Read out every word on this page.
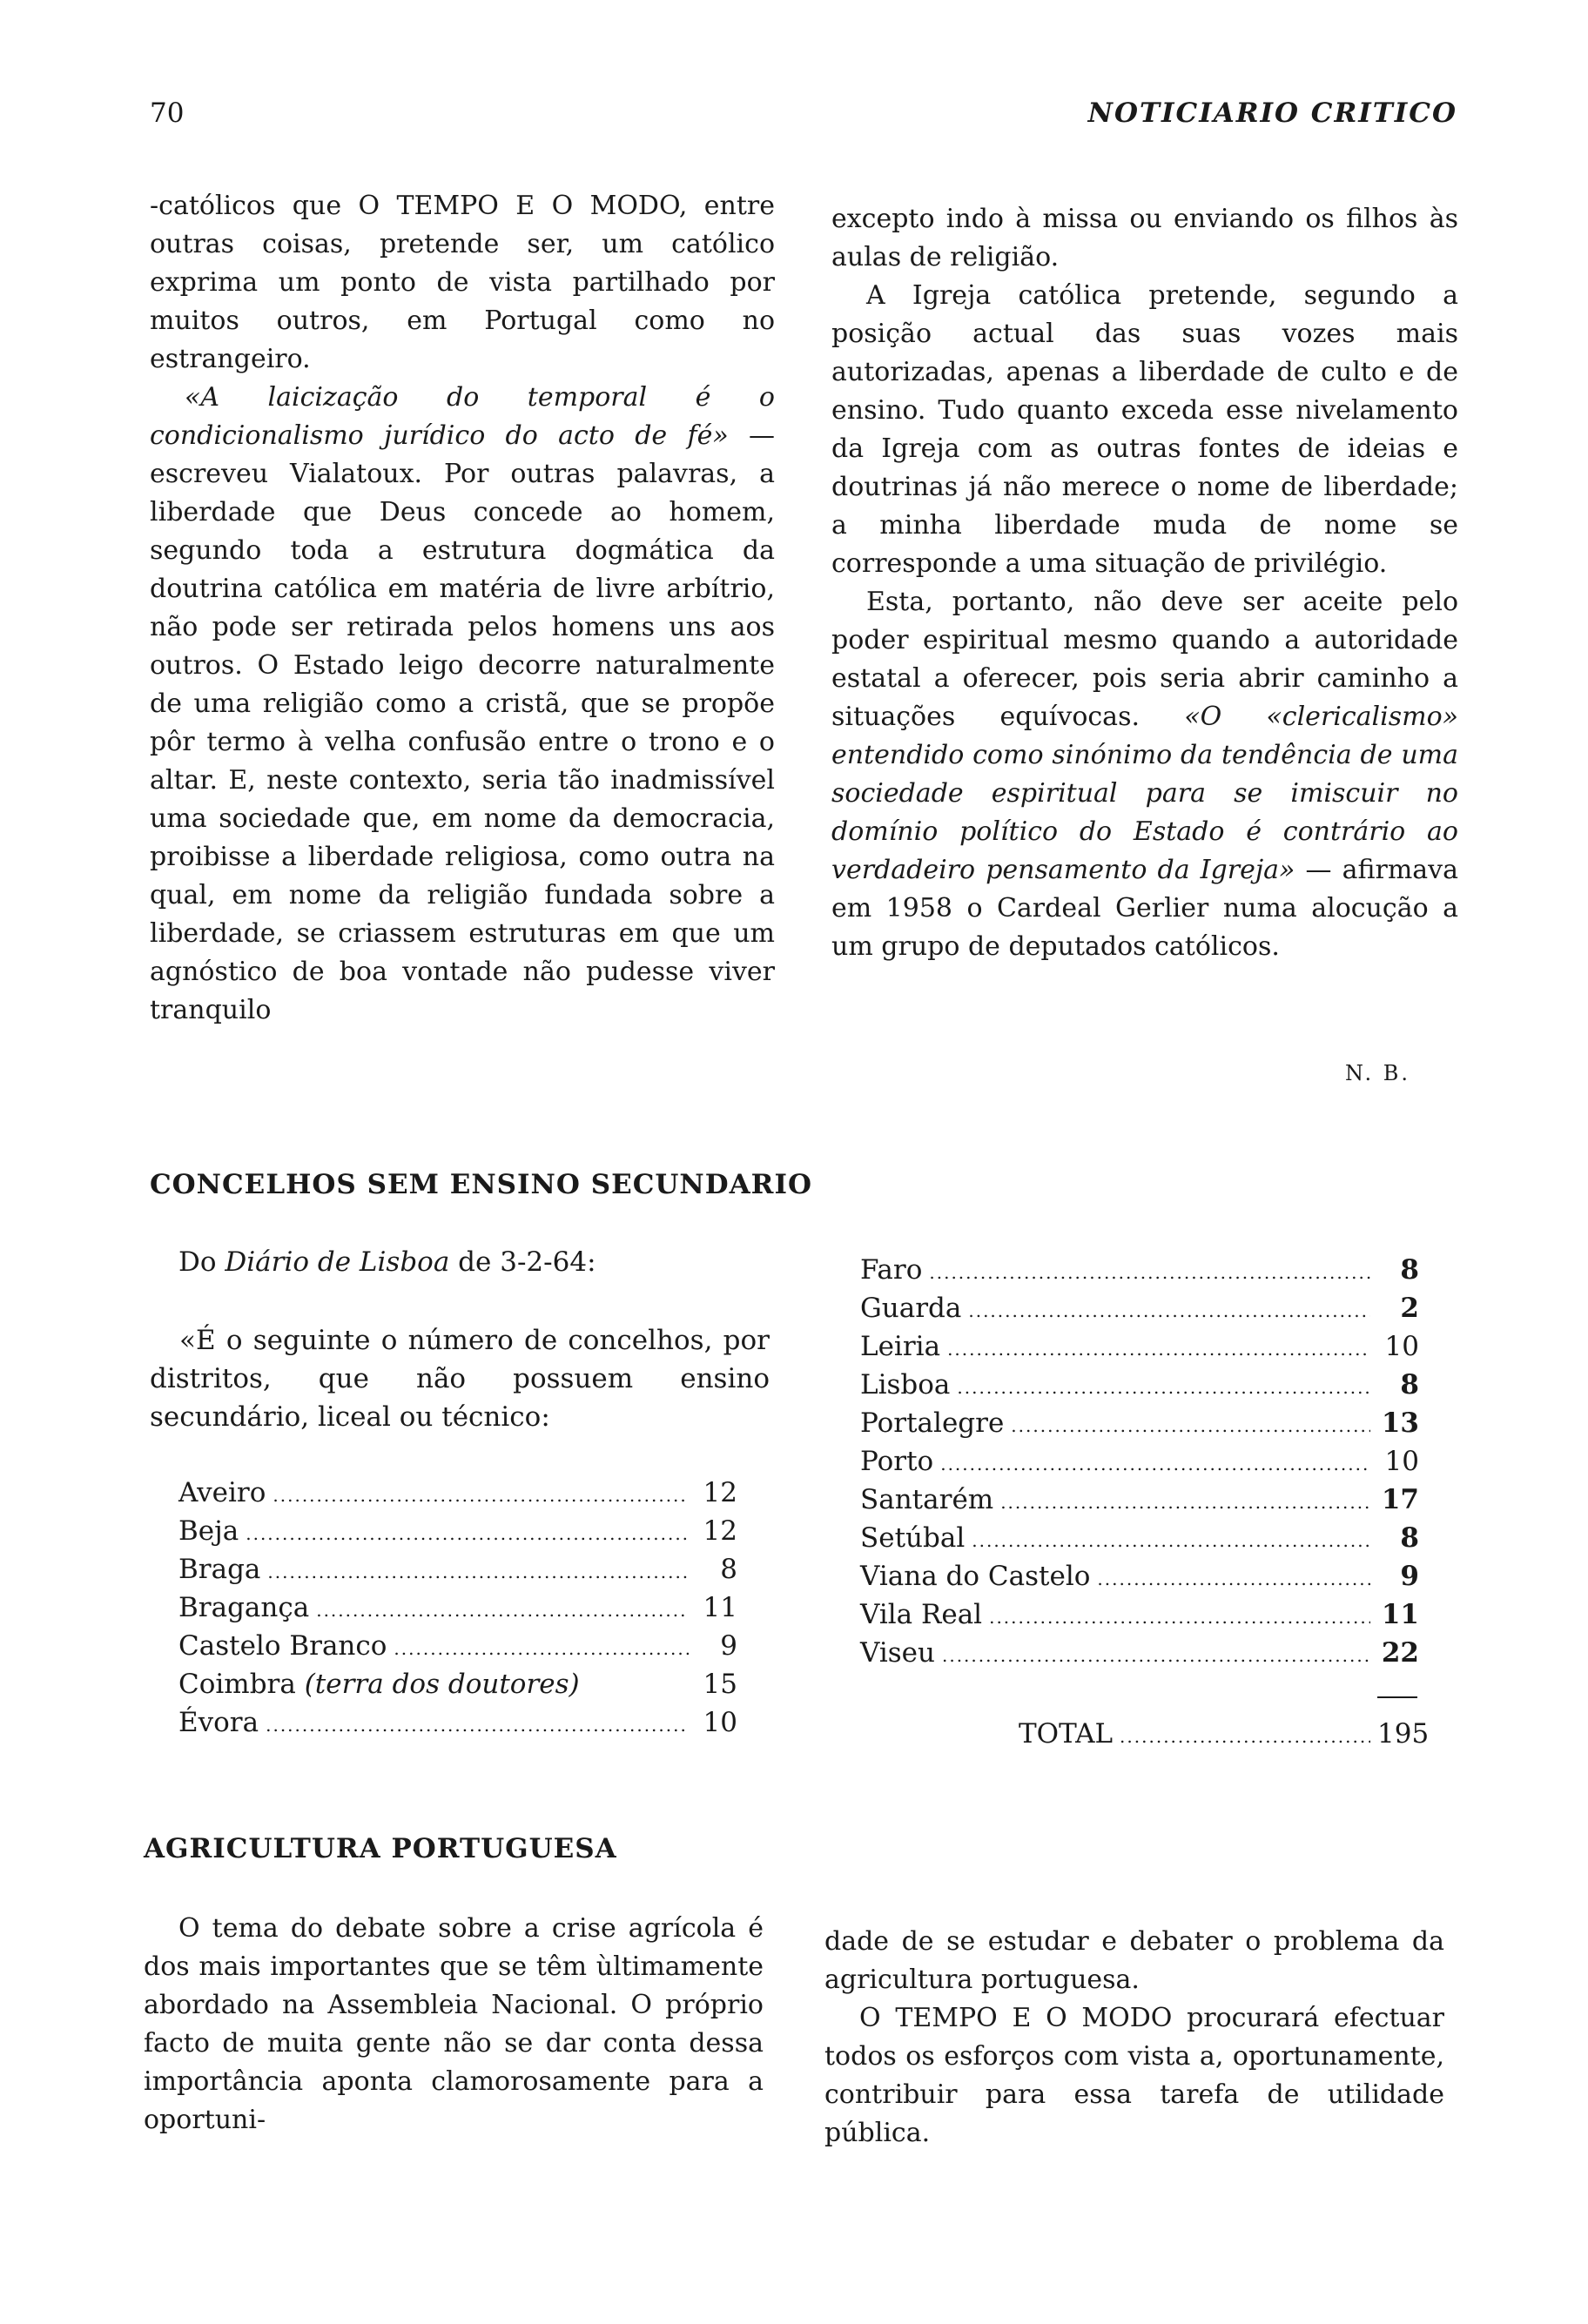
70	NOTICIARIO CRITICO

-católicos que O TEMPO E O MODO, entre outras coisas, pretende ser, um católico exprima um ponto de vista partilhado por muitos outros, em Portugal como no estrangeiro.

«A laicização do temporal é o condicionalismo jurídico do acto de fé» — escreveu Vialatoux. Por outras palavras, a liberdade que Deus concede ao homem, segundo toda a estrutura dogmática da doutrina católica em matéria de livre arbítrio, não pode ser retirada pelos homens uns aos outros. O Estado leigo decorre naturalmente de uma religião como a cristã, que se propõe pôr termo à velha confusão entre o trono e o altar. E, neste contexto, seria tão inadmissível uma sociedade que, em nome da democracia, proibisse a liberdade religiosa, como outra na qual, em nome da religião fundada sobre a liberdade, se criassem estruturas em que um agnóstico de boa vontade não pudesse viver tranquilo

excepto indo à missa ou enviando os filhos às aulas de religião.

A Igreja católica pretende, segundo a posição actual das suas vozes mais autorizadas, apenas a liberdade de culto e de ensino. Tudo quanto exceda esse nivelamento da Igreja com as outras fontes de ideias e doutrinas já não merece o nome de liberdade; a minha liberdade muda de nome se corresponde a uma situação de privilégio.

Esta, portanto, não deve ser aceite pelo poder espiritual mesmo quando a autoridade estatal a oferecer, pois seria abrir caminho a situações equívocas. «O «clericalismo» entendido como sinónimo da tendência de uma sociedade espiritual para se imiscuir no domínio político do Estado é contrário ao verdadeiro pensamento da Igreja» — afirmava em 1958 o Cardeal Gerlier numa alocução a um grupo de deputados católicos.

N. B.
CONCELHOS SEM ENSINO SECUNDARIO
Do Diário de Lisboa de 3-2-64:
«É o seguinte o número de concelhos, por distritos, que não possuem ensino secundário, liceal ou técnico:
Aveiro .....	12
Beja .....	12
Braga .....	8
Bragança .....	11
Castelo Branco .....	9
Coimbra
(terra dos doutores)	15
Évora .....	10
Faro .....	8
Guarda .....	2
Leiria .....	10
Lisboa .....	8
Portalegre .....	13
Porto .....	10
Santarém .....	17
Setúbal .....	8
Viana do Castelo .....	9
Vila Real .....	11
Viseu .....	22
TOTAL .....	195
AGRICULTURA PORTUGUESA

O tema do debate sobre a crise agrícola é dos mais importantes que se têm ùltimamente abordado na Assembleia Nacional. O próprio facto de muita gente não se dar conta dessa importância aponta clamorosamente para a oportuni-

dade de se estudar e debater o problema da agricultura portuguesa.

O TEMPO E O MODO procurará efectuar todos os esforços com vista a, oportunamente, contribuir para essa tarefa de utilidade pública.
